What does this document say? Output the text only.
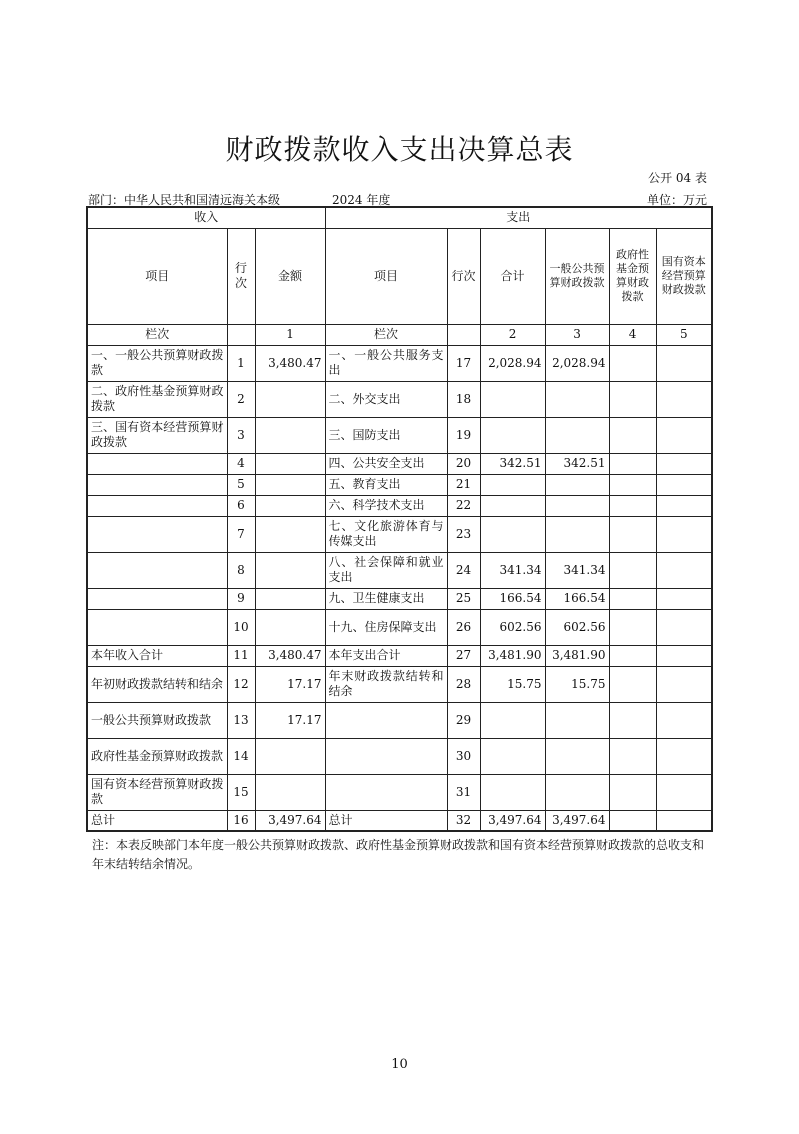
财政拨款收入支出决算总表
公开 04 表
部门：中华人民共和国清远海关本级	2024 年度	单位：万元
收入			支出					
项目	行次	金额	项目	行次	合计	一般公共预算财政拨款	政府性基金预算财政拨款	国有资本经营预算财政拨款
栏次		1	栏次		2	3	4	5
一、一般公共预算财政拨款	1	3,480.47	一、一般公共服务支出	17	2,028.94	2,028.94		
二、政府性基金预算财政拨款	2		二、外交支出	18				
三、国有资本经营预算财政拨款	3		三、国防支出	19				
	4		四、公共安全支出	20	342.51	342.51		
	5		五、教育支出	21				
	6		六、科学技术支出	22				
	7		七、文化旅游体育与传媒支出	23				
	8		八、社会保障和就业支出	24	341.34	341.34		
	9		九、卫生健康支出	25	166.54	166.54		
	10		十九、住房保障支出	26	602.56	602.56		
本年收入合计	11	3,480.47	本年支出合计	27	3,481.90	3,481.90		
年初财政拨款结转和结余	12	17.17	年末财政拨款结转和结余	28	15.75	15.75		
一般公共预算财政拨款	13	17.17		29				
政府性基金预算财政拨款	14			30				
国有资本经营预算财政拨款	15			31				
总计	16	3,497.64	总计	32	3,497.64	3,497.64		
注：本表反映部门本年度一般公共预算财政拨款、政府性基金预算财政拨款和国有资本经营预算财政拨款的总收支和年末结转结余情况。
10
